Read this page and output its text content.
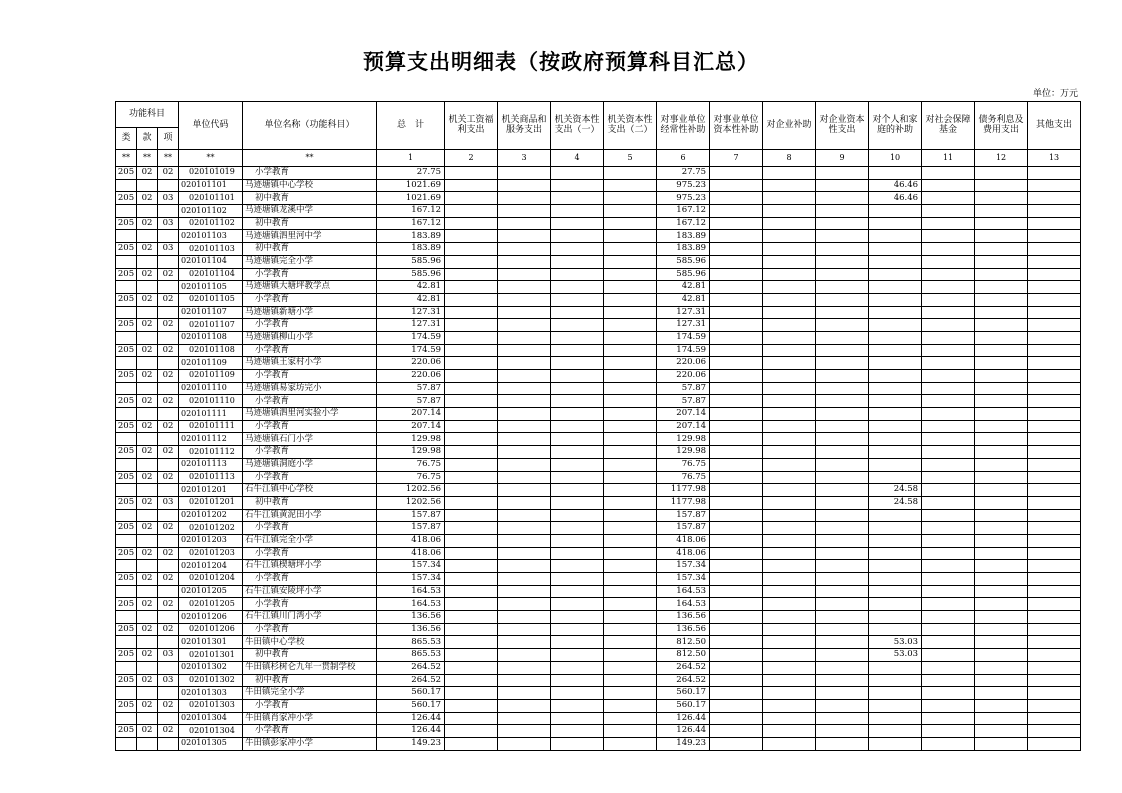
预算支出明细表（按政府预算科目汇总）
单位：万元
功能科目			单位代码	单位名称（功能科目）	总　计	机关工资福利支出	机关商品和服务支出	机关资本性支出（一）	机关资本性支出（二）	对事业单位经常性补助	对事业单位资本性补助	对企业补助	对企业资本性支出	对个人和家庭的补助	对社会保障基金	债务利息及费用支出	其他支出
类	款	项															
**	**	**	**	**	1	2	3	4	5	6	7	8	9	10	11	12	13
205	02	02	020101019	小学教育	27.75					27.75							
			020101101	马迹塘镇中心学校	1021.69					975.23				46.46			
205	02	03	020101101	初中教育	1021.69					975.23				46.46			
			020101102	马迹塘镇龙溪中学	167.12					167.12							
205	02	03	020101102	初中教育	167.12					167.12							
			020101103	马迹塘镇泗里河中学	183.89					183.89							
205	02	03	020101103	初中教育	183.89					183.89							
			020101104	马迹塘镇完全小学	585.96					585.96							
205	02	02	020101104	小学教育	585.96					585.96							
			020101105	马迹塘镇大塘坪教学点	42.81					42.81							
205	02	02	020101105	小学教育	42.81					42.81							
			020101107	马迹塘镇新塘小学	127.31					127.31							
205	02	02	020101107	小学教育	127.31					127.31							
			020101108	马迹塘镇柳山小学	174.59					174.59							
205	02	02	020101108	小学教育	174.59					174.59							
			020101109	马迹塘镇王家村小学	220.06					220.06							
205	02	02	020101109	小学教育	220.06					220.06							
			020101110	马迹塘镇易家坊完小	57.87					57.87							
205	02	02	020101110	小学教育	57.87					57.87							
			020101111	马迹塘镇泗里河实验小学	207.14					207.14							
205	02	02	020101111	小学教育	207.14					207.14							
			020101112	马迹塘镇石门小学	129.98					129.98							
205	02	02	020101112	小学教育	129.98					129.98							
			020101113	马迹塘镇洞庭小学	76.75					76.75							
205	02	02	020101113	小学教育	76.75					76.75							
			020101201	石牛江镇中心学校	1202.56					1177.98				24.58			
205	02	03	020101201	初中教育	1202.56					1177.98				24.58			
			020101202	石牛江镇黄泥田小学	157.87					157.87							
205	02	02	020101202	小学教育	157.87					157.87							
			020101203	石牛江镇完全小学	418.06					418.06							
205	02	02	020101203	小学教育	418.06					418.06							
			020101204	石牛江镇楔塘坪小学	157.34					157.34							
205	02	02	020101204	小学教育	157.34					157.34							
			020101205	石牛江镇安陵坪小学	164.53					164.53							
205	02	02	020101205	小学教育	164.53					164.53							
			020101206	石牛江镇川门湾小学	136.56					136.56							
205	02	02	020101206	小学教育	136.56					136.56							
			020101301	牛田镇中心学校	865.53					812.50				53.03			
205	02	03	020101301	初中教育	865.53					812.50				53.03			
			020101302	牛田镇杉树仑九年一贯制学校	264.52					264.52							
205	02	03	020101302	初中教育	264.52					264.52							
			020101303	牛田镇完全小学	560.17					560.17							
205	02	02	020101303	小学教育	560.17					560.17							
			020101304	牛田镇肖家冲小学	126.44					126.44							
205	02	02	020101304	小学教育	126.44					126.44							
			020101305	牛田镇彭家冲小学	149.23					149.23							
